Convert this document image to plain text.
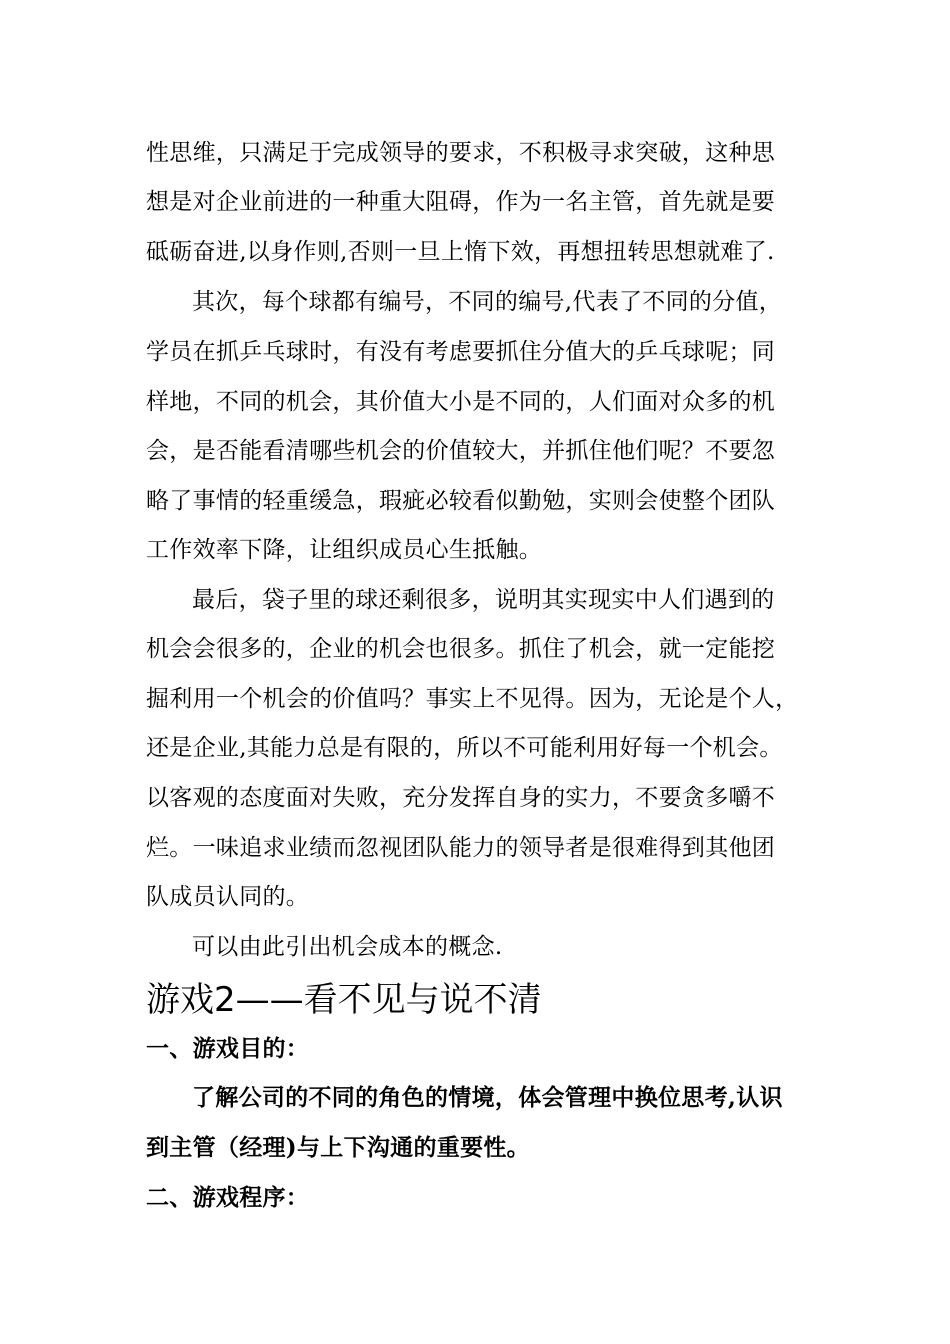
性思维，只满足于完成领导的要求，不积极寻求突破，这种思
想是对企业前进的一种重大阻碍，作为一名主管，首先就是要
砥砺奋进,以身作则,否则一旦上惰下效，再想扭转思想就难了.
其次，每个球都有编号，不同的编号,代表了不同的分值，
学员在抓乒乓球时，有没有考虑要抓住分值大的乒乓球呢；同
样地，不同的机会，其价值大小是不同的，人们面对众多的机
会，是否能看清哪些机会的价值较大，并抓住他们呢？不要忽
略了事情的轻重缓急，瑕疵必较看似勤勉，实则会使整个团队
工作效率下降，让组织成员心生抵触。
最后，袋子里的球还剩很多，说明其实现实中人们遇到的
机会会很多的，企业的机会也很多。抓住了机会，就一定能挖
掘利用一个机会的价值吗？事实上不见得。因为，无论是个人，
还是企业,其能力总是有限的，所以不可能利用好每一个机会。
以客观的态度面对失败，充分发挥自身的实力，不要贪多嚼不
烂。一味追求业绩而忽视团队能力的领导者是很难得到其他团
队成员认同的。
可以由此引出机会成本的概念.
游戏2——看不见与说不清
一、游戏目的：
了解公司的不同的角色的情境，体会管理中换位思考,认识
到主管（经理)与上下沟通的重要性。
二、游戏程序：
